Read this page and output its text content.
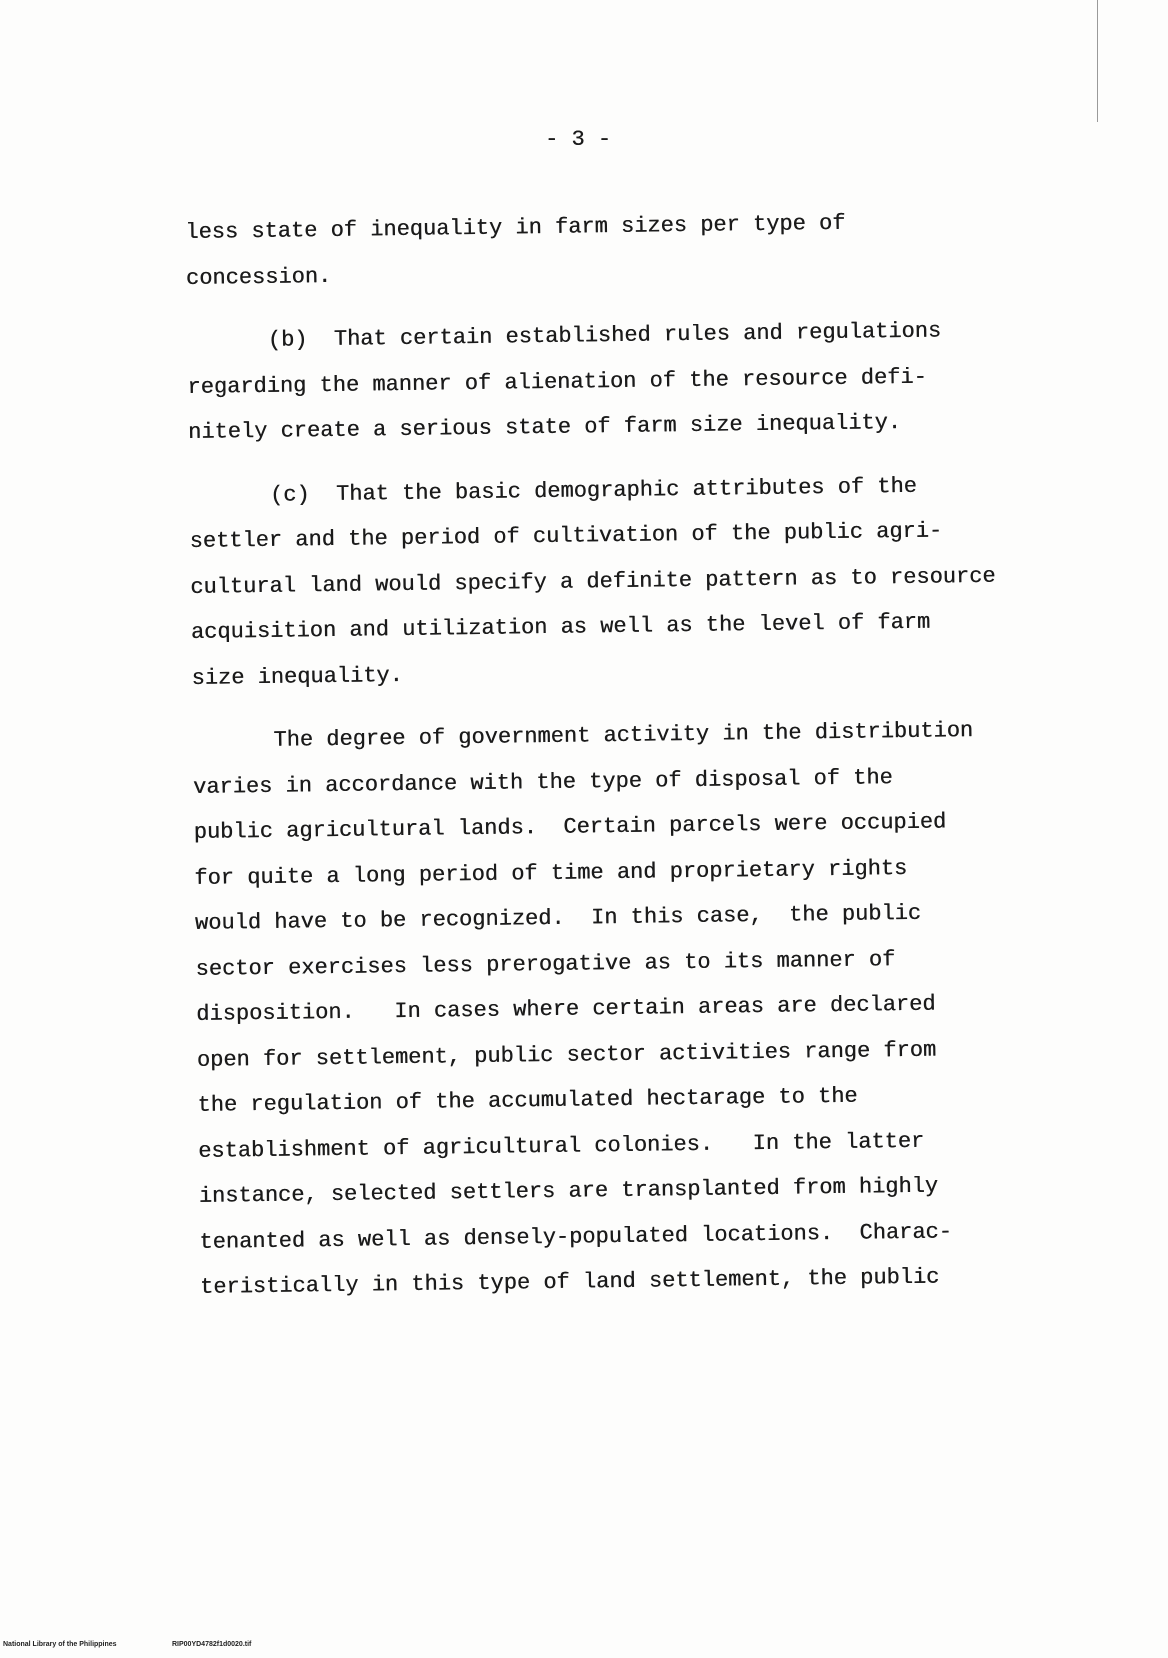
- 3 -
less state of inequality in farm sizes per type of
concession.
(b)  That certain established rules and regulations
regarding the manner of alienation of the resource defi-
nitely create a serious state of farm size inequality.
(c)  That the basic demographic attributes of the
settler and the period of cultivation of the public agri-
cultural land would specify a definite pattern as to resource
acquisition and utilization as well as the level of farm
size inequality.
The degree of government activity in the distribution
varies in accordance with the type of disposal of the
public agricultural lands.  Certain parcels were occupied
for quite a long period of time and proprietary rights
would have to be recognized.  In this case,  the public
sector exercises less prerogative as to its manner of
disposition.   In cases where certain areas are declared
open for settlement, public sector activities range from
the regulation of the accumulated hectarage to the
establishment of agricultural colonies.   In the latter
instance, selected settlers are transplanted from highly
tenanted as well as densely-populated locations.  Charac-
teristically in this type of land settlement, the public
National Library of the Philippines	RIP00YD4782f1d0020.tif
